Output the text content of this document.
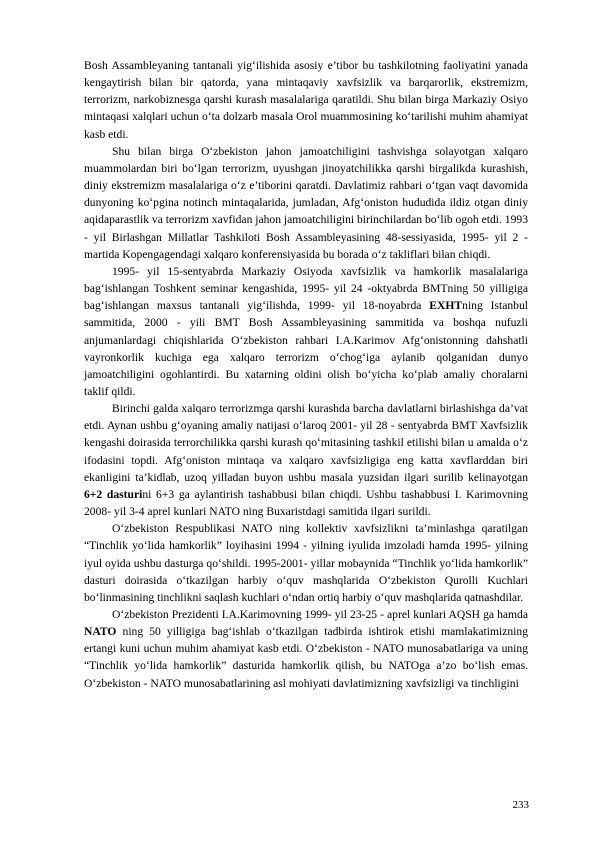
Bosh Assambleyaning tantanali yig‘ilishida asosiy e’tibor bu tashkilotning faoliyatini yanada kengaytirish bilan bir qatorda, yana mintaqaviy xavfsizlik va barqarorlik, ekstremizm, terrorizm, narkobiznesga qarshi kurash masalalariga qaratildi. Shu bilan birga Markaziy Osiyo mintaqasi xalqlari uchun o‘ta dolzarb masala Orol muammosining ko‘tarilishi muhim ahamiyat kasb etdi.

Shu bilan birga O‘zbekiston jahon jamoatchiligini tashvishga solayotgan xalqaro muammolardan biri bo‘lgan terrorizm, uyushgan jinoyatchilikka qarshi birgalikda kurashish, diniy ekstremizm masalalariga o‘z e’tiborini qaratdi. Davlatimiz rahbari o‘tgan vaqt davomida dunyoning ko‘pgina notinch mintaqalarida, jumladan, Afg‘oniston hududida ildiz otgan diniy aqidaparastlik va terrorizm xavfidan jahon jamoatchiligini birinchilardan bo‘lib ogoh etdi. 1993 - yil Birlashgan Millatlar Tashkiloti Bosh Assambleyasining 48-sessiyasida, 1995- yil 2 -martida Kopengagendagi xalqaro konferensiyasida bu borada o‘z takliflari bilan chiqdi.

1995- yil 15-sentyabrda Markaziy Osiyoda xavfsizlik va hamkorlik masalalariga bag‘ishlangan Toshkent seminar kengashida, 1995- yil 24 -oktyabrda BMTning 50 yilligiga bag‘ishlangan maxsus tantanali yig‘ilishda, 1999- yil 18-noyabrda EXHTning Istanbul sammitida, 2000 - yili BMT Bosh Assambleyasining sammitida va boshqa nufuzli anjumanlardagi chiqishlarida O‘zbekiston rahbari I.A.Karimov Afg‘onistonning dahshatli vayronkorlik kuchiga ega xalqaro terrorizm o‘chog‘iga aylanib qolganidan dunyo jamoatchiligini ogohlantirdi. Bu xatarning oldini olish bo‘yicha ko‘plab amaliy choralarni taklif qildi.

Birinchi galda xalqaro terrorizmga qarshi kurashda barcha davlatlarni birlashishga da’vat etdi. Aynan ushbu g‘oyaning amaliy natijasi o‘laroq 2001- yil 28 - sentyabrda BMT Xavfsizlik kengashi doirasida terrorchilikka qarshi kurash qo‘mitasining tashkil etilishi bilan u amalda o‘z ifodasini topdi. Afg‘oniston mintaqa va xalqaro xavfsizligiga eng katta xavflarddan biri ekanligini ta’kidlab, uzoq yilladan buyon ushbu masala yuzsidan ilgari surilib kelinayotgan 6+2 dasturini 6+3 ga aylantirish tashabbusi bilan chiqdi. Ushbu tashabbusi I. Karimovning 2008- yil 3-4 aprel kunlari NATO ning Buxaristdagi samitida ilgari surildi.

O‘zbekiston Respublikasi NATO ning kollektiv xavfsizlikni ta’minlashga qaratilgan “Tinchlik yo‘lida hamkorlik” loyihasini 1994 - yilning iyulida imzoladi hamda 1995- yilning iyul oyida ushbu dasturga qo‘shildi. 1995-2001- yillar mobaynida “Tinchlik yo‘lida hamkorlik” dasturi doirasida o‘tkazilgan harbiy o‘quv mashqlarida O‘zbekiston Qurolli Kuchlari bo‘linmasining tinchlikni saqlash kuchlari o‘ndan ortiq harbiy o‘quv mashqlarida qatnashdilar.

O‘zbekiston Prezidenti I.A.Karimovning 1999- yil 23-25 - aprel kunlari AQSH ga hamda NATO ning 50 yilligiga bag‘ishlab o‘tkazilgan tadbirda ishtirok etishi mamlakatimizning ertangi kuni uchun muhim ahamiyat kasb etdi. O‘zbekiston - NATO munosabatlariga va uning “Tinchlik yo‘lida hamkorlik” dasturida hamkorlik qilish, bu NATOga a’zo bo‘lish emas. O‘zbekiston - NATO munosabatlarining asl mohiyati davlatimizning xavfsizligi va tinchligini

233
